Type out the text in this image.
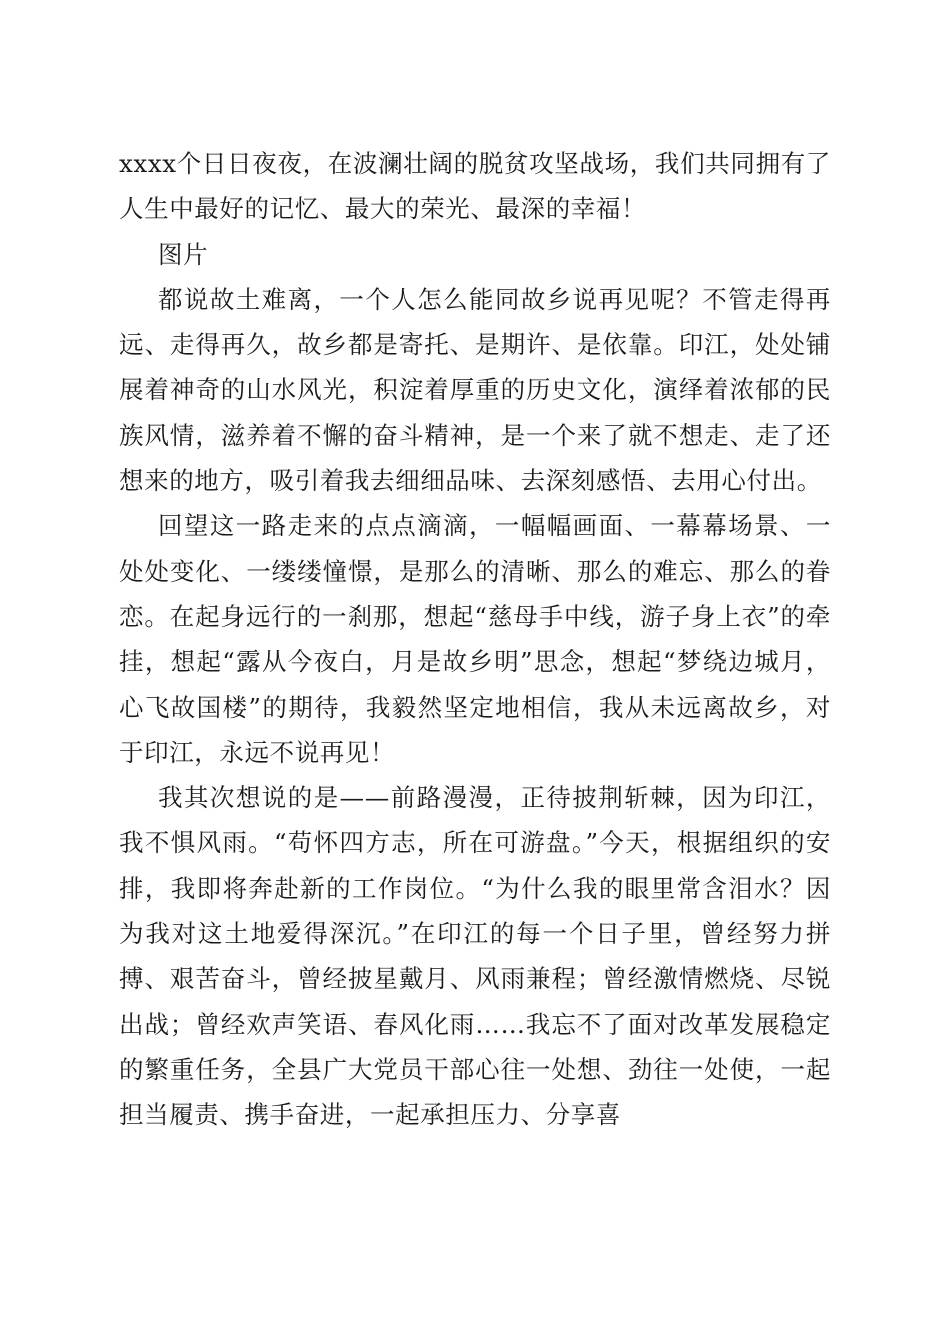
xxxx个日日夜夜，在波澜壮阔的脱贫攻坚战场，我们共同拥有了人生中最好的记忆、最大的荣光、最深的幸福！

图片

都说故土难离，一个人怎么能同故乡说再见呢？不管走得再远、走得再久，故乡都是寄托、是期许、是依靠。印江，处处铺展着神奇的山水风光，积淀着厚重的历史文化，演绎着浓郁的民族风情，滋养着不懈的奋斗精神，是一个来了就不想走、走了还想来的地方，吸引着我去细细品味、去深刻感悟、去用心付出。

回望这一路走来的点点滴滴，一幅幅画面、一幕幕场景、一处处变化、一缕缕憧憬，是那么的清晰、那么的难忘、那么的眷恋。在起身远行的一刹那，想起“慈母手中线，游子身上衣”的牵挂，想起“露从今夜白，月是故乡明”思念，想起“梦绕边城月，心飞故国楼”的期待，我毅然坚定地相信，我从未远离故乡，对于印江，永远不说再见！

我其次想说的是——前路漫漫，正待披荆斩棘，因为印江，我不惧风雨。“苟怀四方志，所在可游盘。”今天，根据组织的安排，我即将奔赴新的工作岗位。“为什么我的眼里常含泪水？因为我对这土地爱得深沉。”在印江的每一个日子里，曾经努力拼搏、艰苦奋斗，曾经披星戴月、风雨兼程；曾经激情燃烧、尽锐出战；曾经欢声笑语、春风化雨……我忘不了面对改革发展稳定的繁重任务，全县广大党员干部心往一处想、劲往一处使，一起担当履责、携手奋进，一起承担压力、分享喜
